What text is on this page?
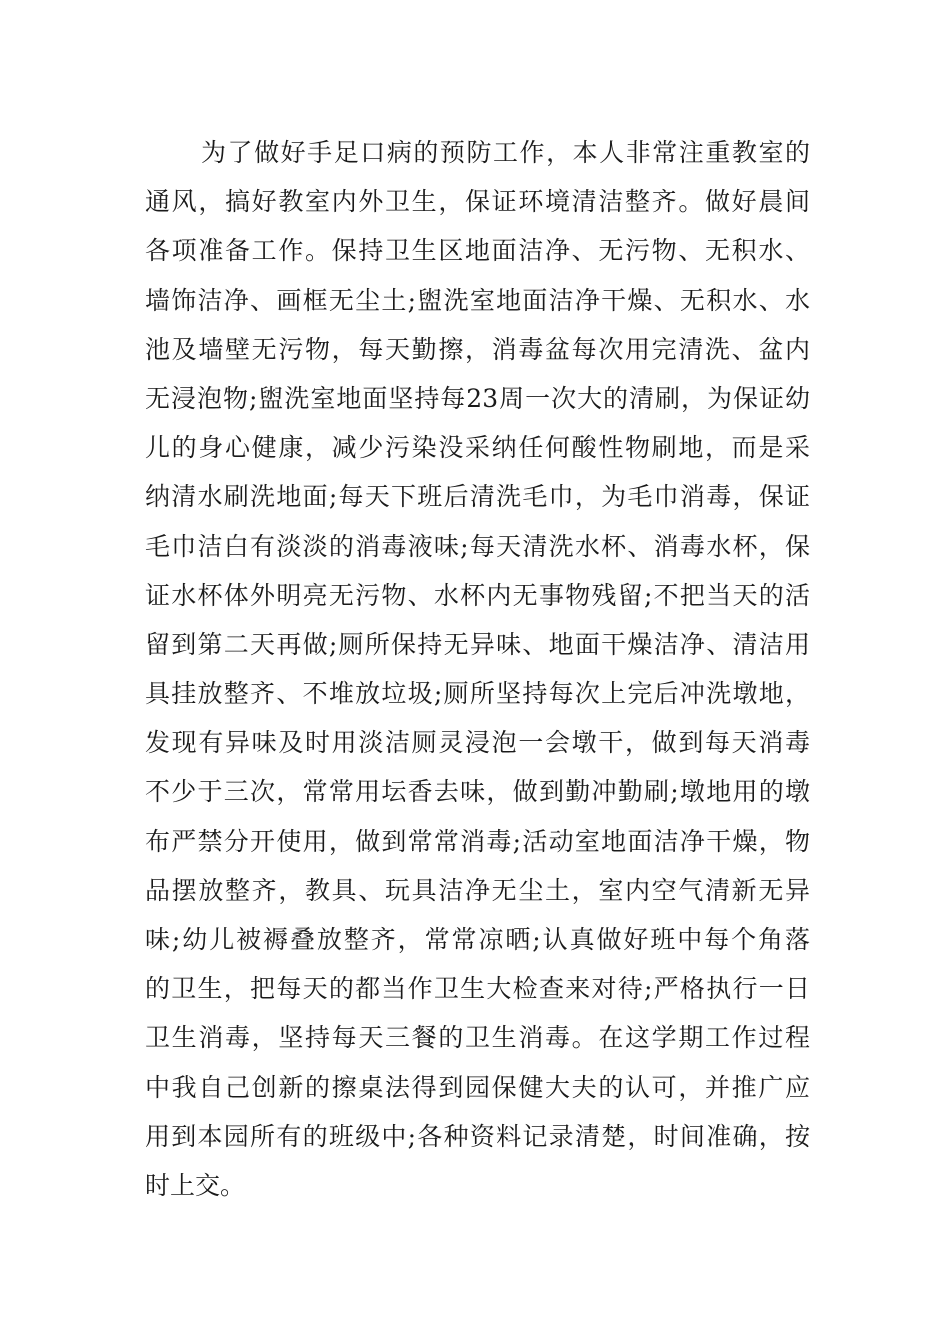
为了做好手足口病的预防工作，本人非常注重教室的
通风，搞好教室内外卫生，保证环境清洁整齐。做好晨间
各项准备工作。保持卫生区地面洁净、无污物、无积水、
墙饰洁净、画框无尘土;盥洗室地面洁净干燥、无积水、水
池及墙壁无污物，每天勤擦，消毒盆每次用完清洗、盆内
无浸泡物;盥洗室地面坚持每23周一次大的清刷，为保证幼
儿的身心健康，减少污染没采纳任何酸性物刷地，而是采
纳清水刷洗地面;每天下班后清洗毛巾，为毛巾消毒，保证
毛巾洁白有淡淡的消毒液味;每天清洗水杯、消毒水杯，保
证水杯体外明亮无污物、水杯内无事物残留;不把当天的活
留到第二天再做;厕所保持无异味、地面干燥洁净、清洁用
具挂放整齐、不堆放垃圾;厕所坚持每次上完后冲洗墩地，
发现有异味及时用淡洁厕灵浸泡一会墩干，做到每天消毒
不少于三次，常常用坛香去味，做到勤冲勤刷;墩地用的墩
布严禁分开使用，做到常常消毒;活动室地面洁净干燥，物
品摆放整齐，教具、玩具洁净无尘土，室内空气清新无异
味;幼儿被褥叠放整齐，常常凉晒;认真做好班中每个角落
的卫生，把每天的都当作卫生大检查来对待;严格执行一日
卫生消毒，坚持每天三餐的卫生消毒。在这学期工作过程
中我自己创新的擦桌法得到园保健大夫的认可，并推广应
用到本园所有的班级中;各种资料记录清楚，时间准确，按
时上交。
